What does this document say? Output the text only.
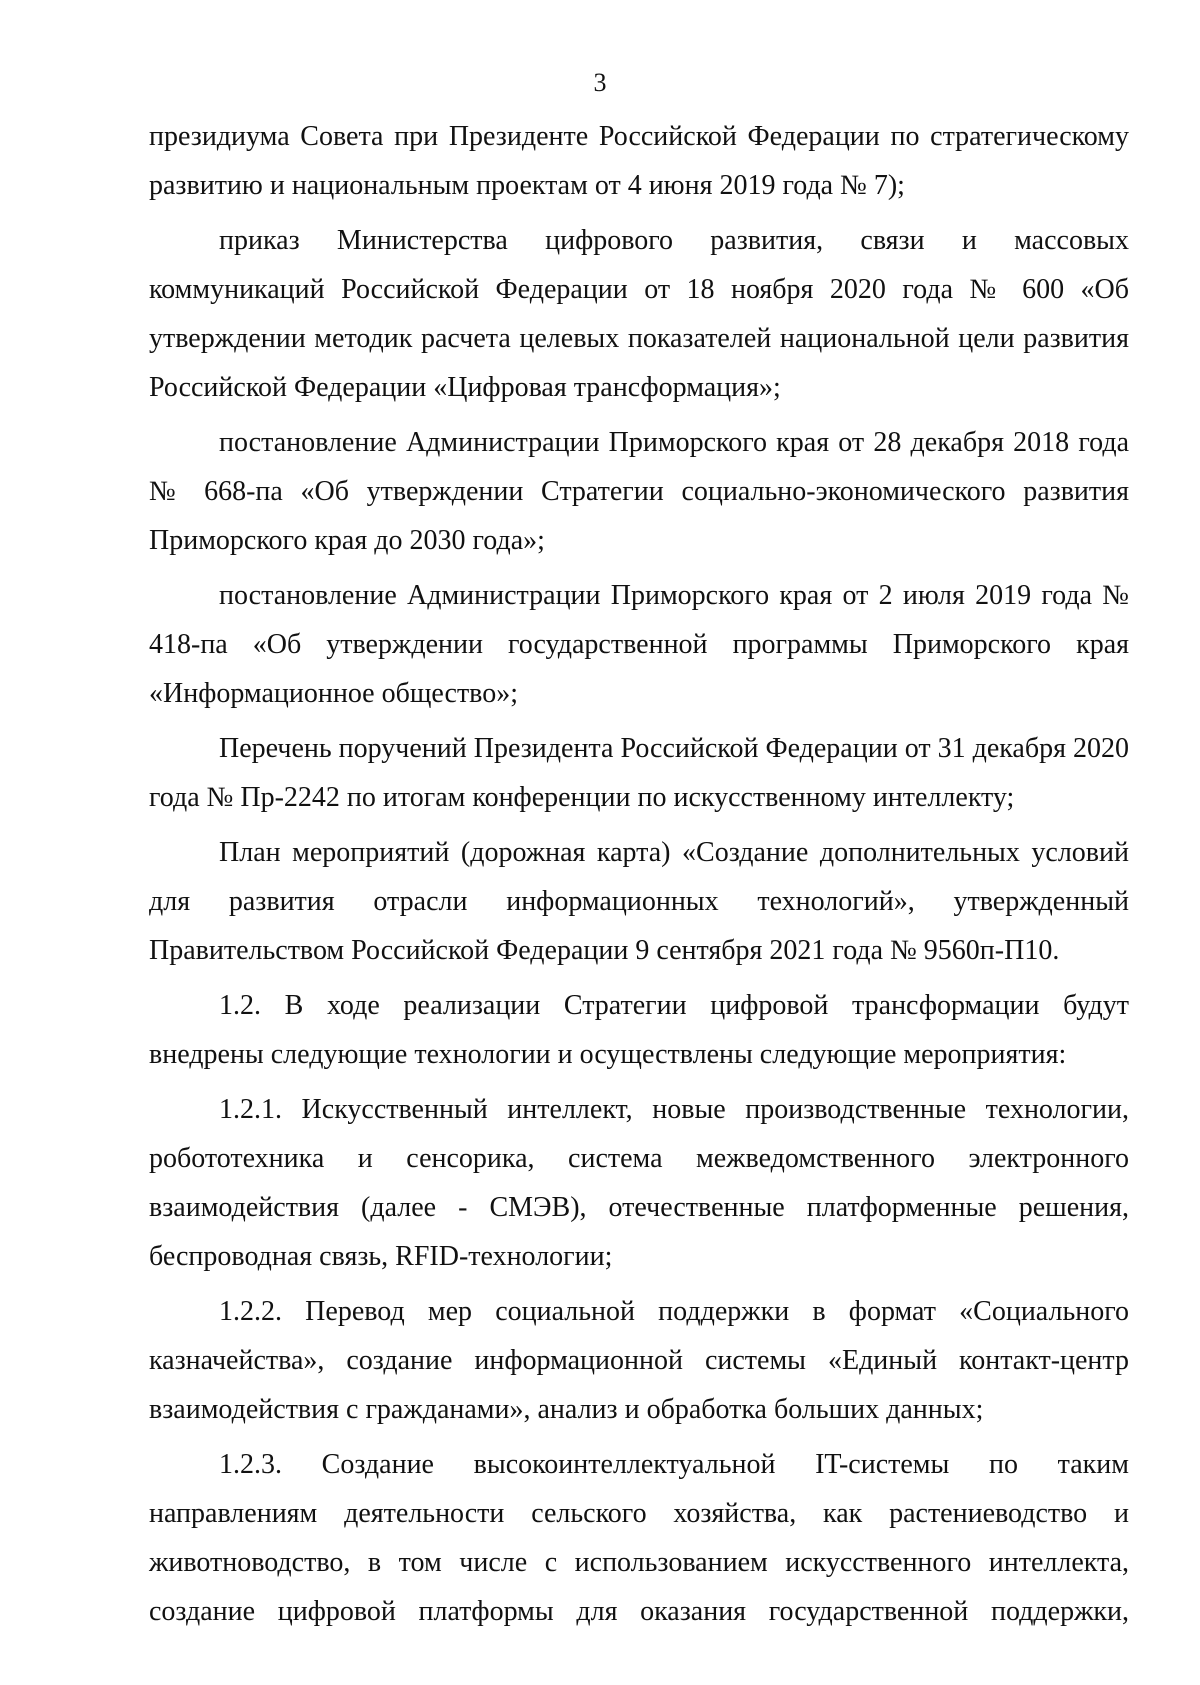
3

президиума Совета при Президенте Российской Федерации по стратегическому развитию и национальным проектам от 4 июня 2019 года № 7);

приказ Министерства цифрового развития, связи и массовых коммуникаций Российской Федерации от 18 ноября 2020 года № 600 «Об утверждении методик расчета целевых показателей национальной цели развития Российской Федерации «Цифровая трансформация»;

постановление Администрации Приморского края от 28 декабря 2018 года № 668-па «Об утверждении Стратегии социально-экономического развития Приморского края до 2030 года»;

постановление Администрации Приморского края от 2 июля 2019 года № 418-па «Об утверждении государственной программы Приморского края «Информационное общество»;

Перечень поручений Президента Российской Федерации от 31 декабря 2020 года № Пр-2242 по итогам конференции по искусственному интеллекту;

План мероприятий (дорожная карта) «Создание дополнительных условий для развития отрасли информационных технологий», утвержденный Правительством Российской Федерации 9 сентября 2021 года № 9560п-П10.

1.2. В ходе реализации Стратегии цифровой трансформации будут внедрены следующие технологии и осуществлены следующие мероприятия:

1.2.1. Искусственный интеллект, новые производственные технологии, робототехника и сенсорика, система межведомственного электронного взаимодействия (далее - СМЭВ), отечественные платформенные решения, беспроводная связь, RFID-технологии;

1.2.2. Перевод мер социальной поддержки в формат «Социального казначейства», создание информационной системы «Единый контакт-центр взаимодействия с гражданами», анализ и обработка больших данных;

1.2.3. Создание высокоинтеллектуальной IT-системы по таким направлениям деятельности сельского хозяйства, как растениеводство и животноводство, в том числе с использованием искусственного интеллекта, создание цифровой платформы для оказания государственной поддержки,
